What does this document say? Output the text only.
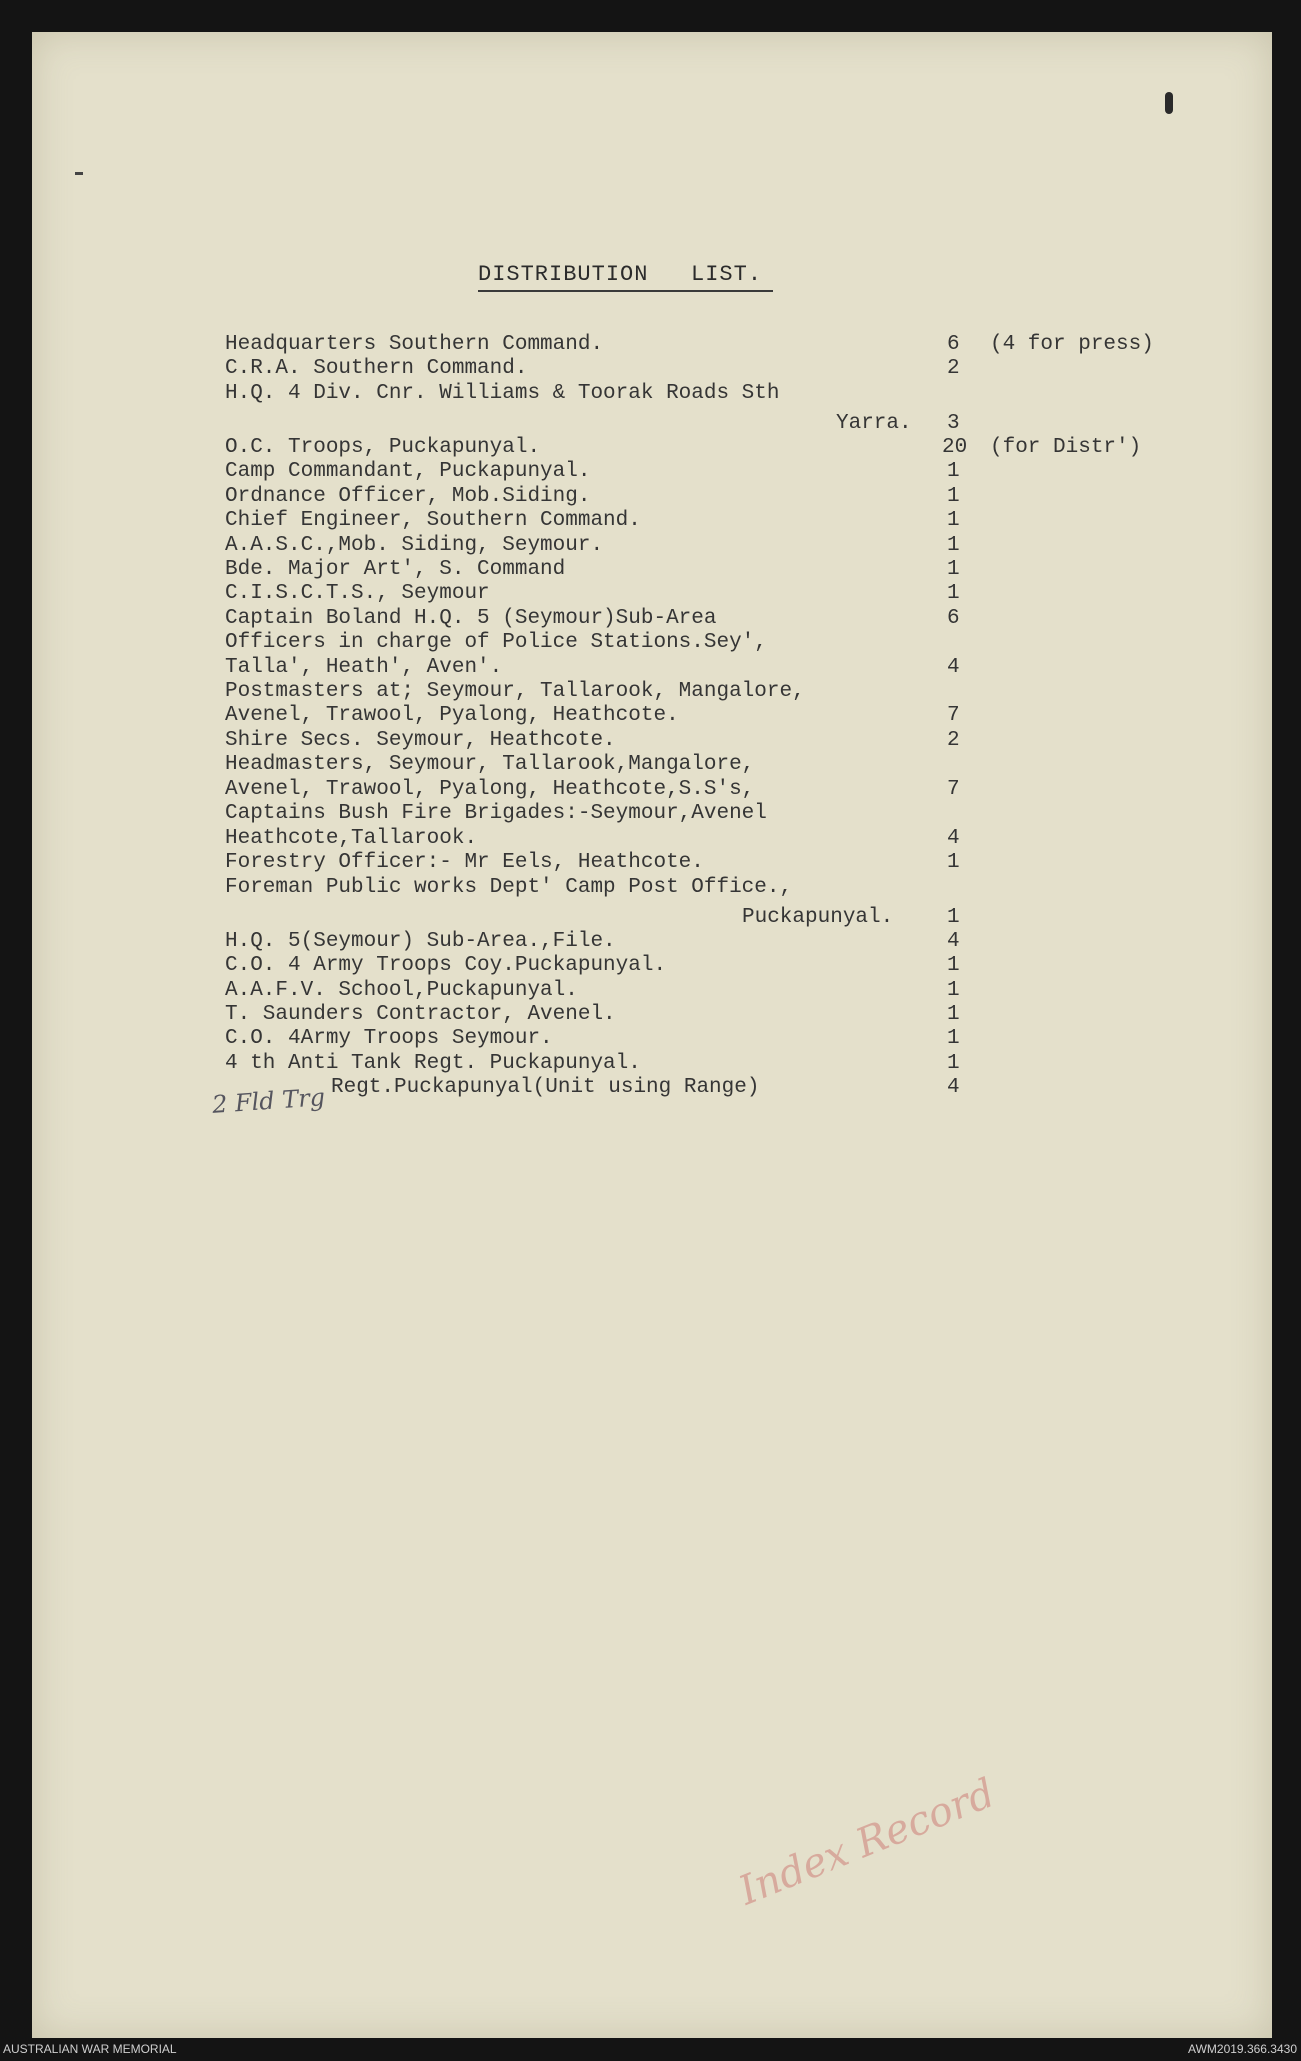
DISTRIBUTION   LIST.
Headquarters Southern Command.	6 (4 for press)
C.R.A. Southern Command.	2
H.Q. 4 Div. Cnr. Williams & Toorak Roads Sth
Yarra. 3
O.C. Troops, Puckapunyal.	20 (for Distr')
Camp Commandant, Puckapunyal.	1
Ordnance Officer, Mob.Siding.	1
Chief Engineer, Southern Command.	1
A.A.S.C.,Mob. Siding, Seymour.	1
Bde. Major Art', S. Command	1
C.I.S.C.T.S., Seymour	1
Captain Boland H.Q. 5 (Seymour)Sub-Area	6
Officers in charge of Police Stations.Sey',
Talla', Heath', Aven'.	4
Postmasters at; Seymour, Tallarook, Mangalore,
Avenel, Trawool, Pyalong, Heathcote.	7
Shire Secs. Seymour, Heathcote.	2
Headmasters, Seymour, Tallarook,Mangalore,
Avenel, Trawool, Pyalong, Heathcote,S.S's,	7
Captains Bush Fire Brigades:-Seymour,Avenel
Heathcote,Tallarook.	4
Forestry Officer:- Mr Eels, Heathcote.	1
Foreman Public works Dept' Camp Post Office.,
Puckapunyal.	1
H.Q. 5(Seymour) Sub-Area.,File.	4
C.O. 4 Army Troops Coy.Puckapunyal.	1
A.A.F.V. School,Puckapunyal.	1
T. Saunders Contractor, Avenel.	1
C.O. 4Army Troops Seymour.	1
4 th Anti Tank Regt. Puckapunyal.	1
Regt.Puckapunyal(Unit using Range)	4
2 Fld Trg
Index Record
AUSTRALIAN WAR MEMORIAL	AWM2019.366.3430
